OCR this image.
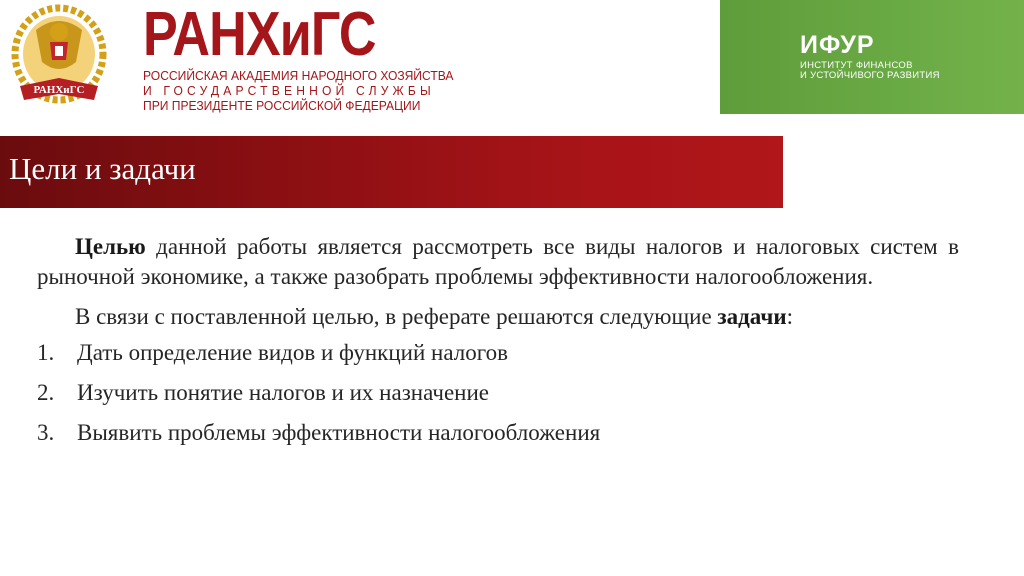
РАНХиГС
РАНХиГС
РОССИЙСКАЯ АКАДЕМИЯ НАРОДНОГО ХОЗЯЙСТВА
И ГОСУДАРСТВЕННОЙ СЛУЖБЫ
ПРИ ПРЕЗИДЕНТЕ РОССИЙСКОЙ ФЕДЕРАЦИИ
ИФУР
ИНСТИТУТ ФИНАНСОВ
И УСТОЙЧИВОГО РАЗВИТИЯ
Цели и задачи

Целью данной работы является рассмотреть все виды налогов и налоговых систем в рыночной экономике, а также разобрать проблемы эффективности налогообложения.

В связи с поставленной целью, в реферате решаются следующие задачи:
1. Дать определение видов и функций налогов
2. Изучить понятие налогов и их назначение
3. Выявить проблемы эффективности налогообложения
